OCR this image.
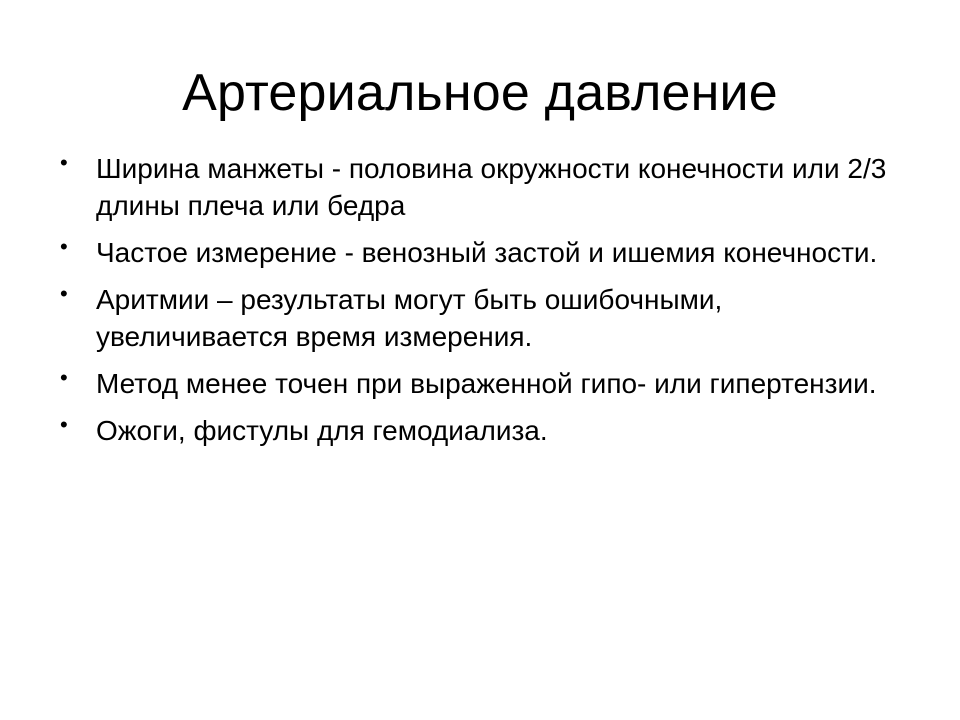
Артериальное давление
•	Ширина манжеты - половина окружности конечности или 2/3 длины плеча или бедра
•	Частое измерение - венозный застой и ишемия конечности.
•	Аритмии – результаты могут быть ошибочными, увеличивается время измерения.
•	Метод менее точен при выраженной гипо- или гипертензии.
•	Ожоги, фистулы для гемодиализа.
